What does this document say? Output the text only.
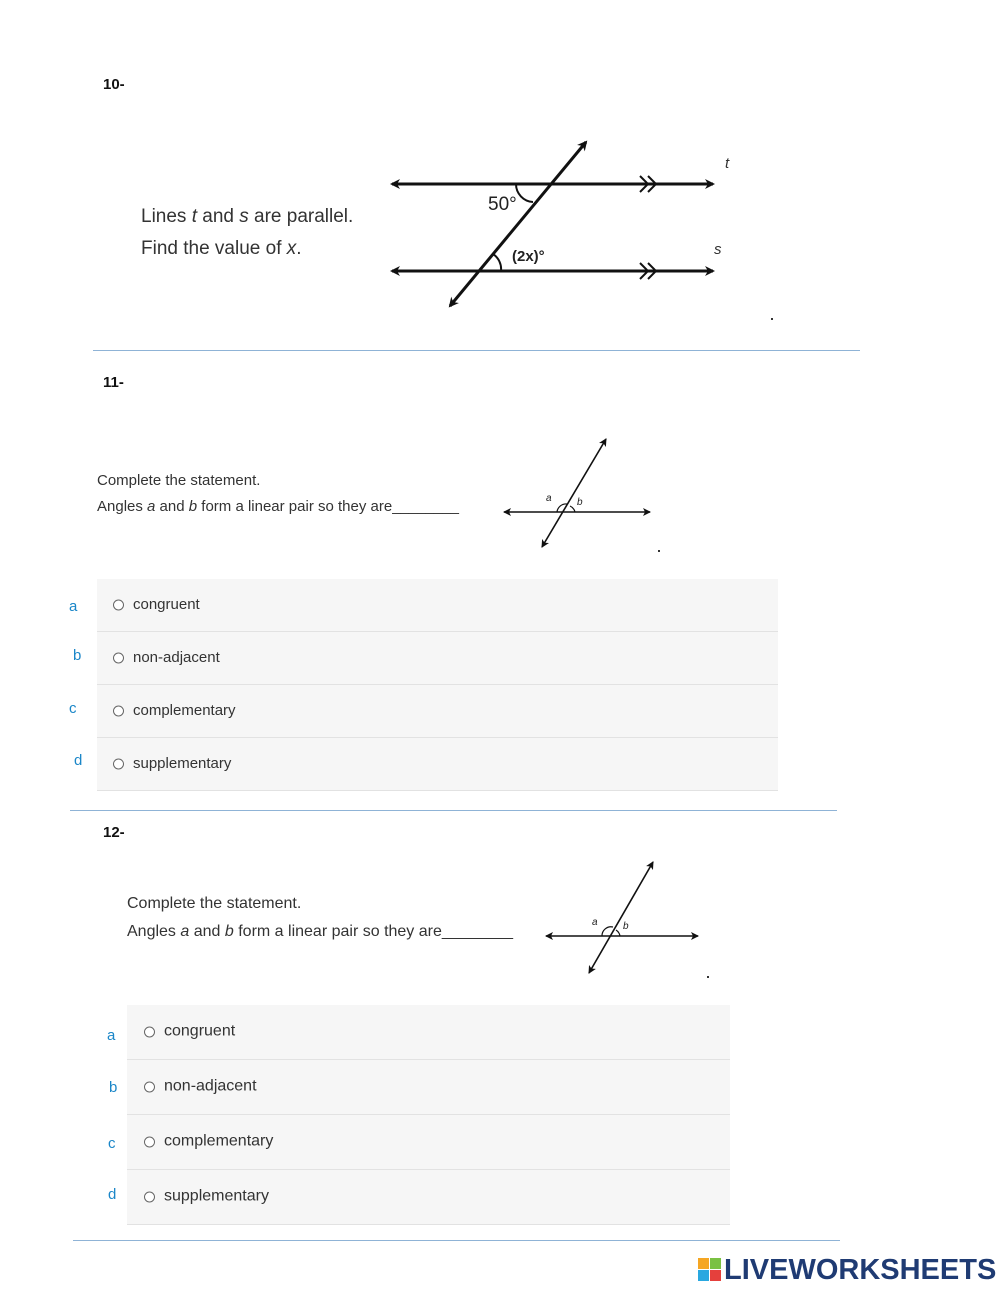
10-
Lines t and s are parallel.
Find the value of x.
50°
(2x)°
t
s
11-
Complete the statement.
Angles a and b form a linear pair so they are________	a	b
a	congruent
b	non-adjacent
c	complementary
d	supplementary
12-
Complete the statement.
Angles a and b form a linear pair so they are________
a	b
a	congruent
b	non-adjacent
c	complementary
d	supplementary
LIVEWORKSHEETS
